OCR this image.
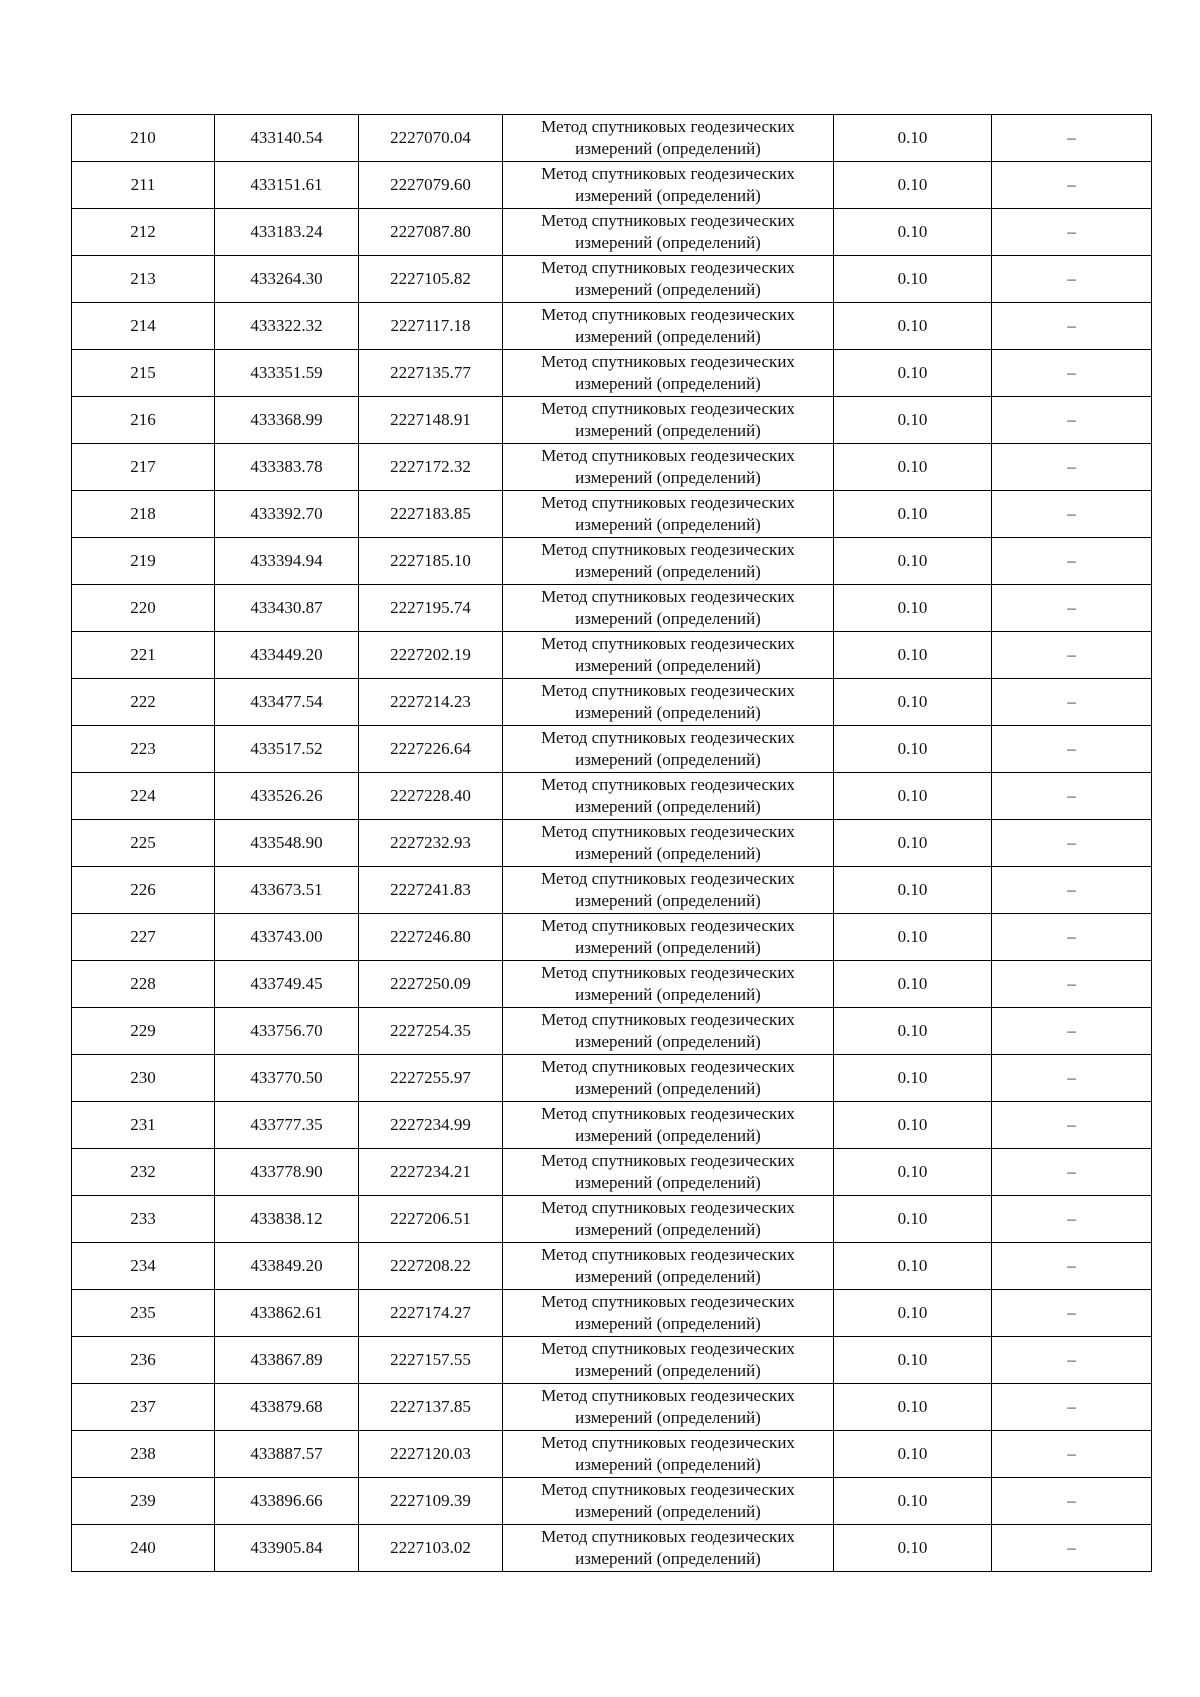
210	433140.54	2227070.04	Метод спутниковых геодезических
измерений (определений)	0.10	–
211	433151.61	2227079.60	Метод спутниковых геодезических
измерений (определений)	0.10	–
212	433183.24	2227087.80	Метод спутниковых геодезических
измерений (определений)	0.10	–
213	433264.30	2227105.82	Метод спутниковых геодезических
измерений (определений)	0.10	–
214	433322.32	2227117.18	Метод спутниковых геодезических
измерений (определений)	0.10	–
215	433351.59	2227135.77	Метод спутниковых геодезических
измерений (определений)	0.10	–
216	433368.99	2227148.91	Метод спутниковых геодезических
измерений (определений)	0.10	–
217	433383.78	2227172.32	Метод спутниковых геодезических
измерений (определений)	0.10	–
218	433392.70	2227183.85	Метод спутниковых геодезических
измерений (определений)	0.10	–
219	433394.94	2227185.10	Метод спутниковых геодезических
измерений (определений)	0.10	–
220	433430.87	2227195.74	Метод спутниковых геодезических
измерений (определений)	0.10	–
221	433449.20	2227202.19	Метод спутниковых геодезических
измерений (определений)	0.10	–
222	433477.54	2227214.23	Метод спутниковых геодезических
измерений (определений)	0.10	–
223	433517.52	2227226.64	Метод спутниковых геодезических
измерений (определений)	0.10	–
224	433526.26	2227228.40	Метод спутниковых геодезических
измерений (определений)	0.10	–
225	433548.90	2227232.93	Метод спутниковых геодезических
измерений (определений)	0.10	–
226	433673.51	2227241.83	Метод спутниковых геодезических
измерений (определений)	0.10	–
227	433743.00	2227246.80	Метод спутниковых геодезических
измерений (определений)	0.10	–
228	433749.45	2227250.09	Метод спутниковых геодезических
измерений (определений)	0.10	–
229	433756.70	2227254.35	Метод спутниковых геодезических
измерений (определений)	0.10	–
230	433770.50	2227255.97	Метод спутниковых геодезических
измерений (определений)	0.10	–
231	433777.35	2227234.99	Метод спутниковых геодезических
измерений (определений)	0.10	–
232	433778.90	2227234.21	Метод спутниковых геодезических
измерений (определений)	0.10	–
233	433838.12	2227206.51	Метод спутниковых геодезических
измерений (определений)	0.10	–
234	433849.20	2227208.22	Метод спутниковых геодезических
измерений (определений)	0.10	–
235	433862.61	2227174.27	Метод спутниковых геодезических
измерений (определений)	0.10	–
236	433867.89	2227157.55	Метод спутниковых геодезических
измерений (определений)	0.10	–
237	433879.68	2227137.85	Метод спутниковых геодезических
измерений (определений)	0.10	–
238	433887.57	2227120.03	Метод спутниковых геодезических
измерений (определений)	0.10	–
239	433896.66	2227109.39	Метод спутниковых геодезических
измерений (определений)	0.10	–
240	433905.84	2227103.02	Метод спутниковых геодезических
измерений (определений)	0.10	–
